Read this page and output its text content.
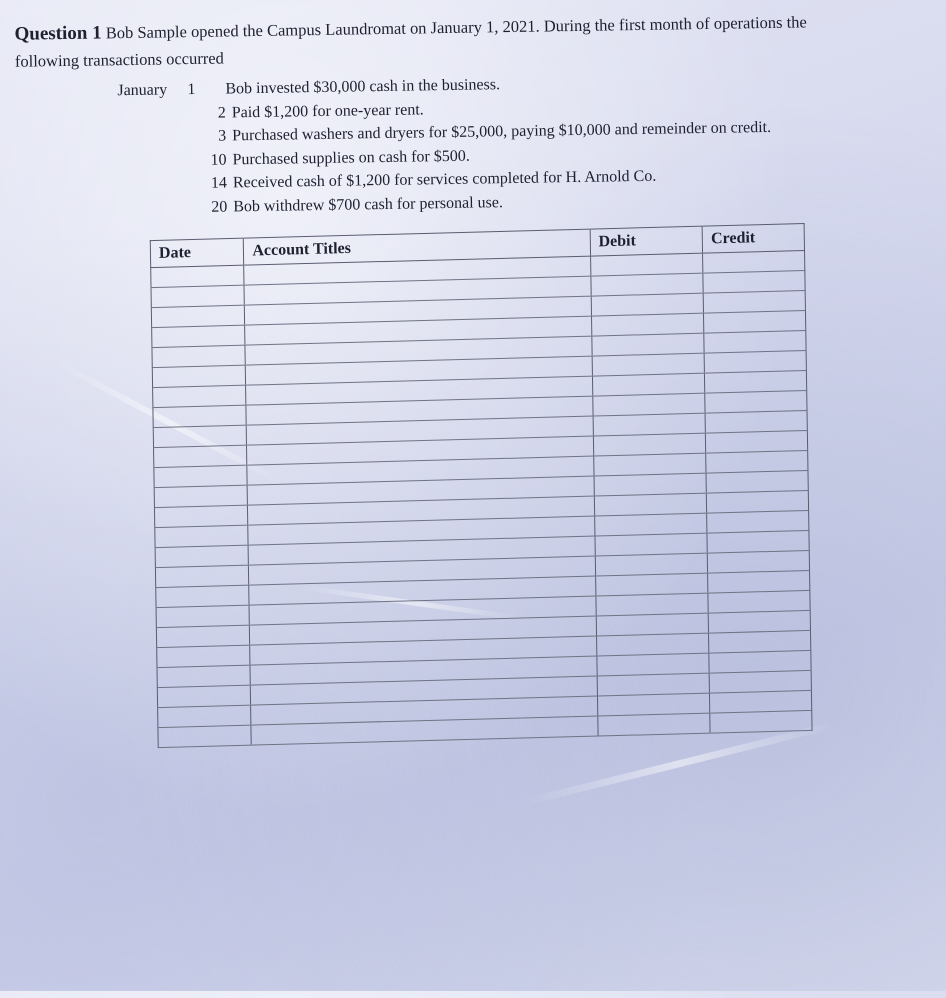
Question 1 Bob Sample opened the Campus Laundromat on January 1, 2021. During the first month of operations the following transactions occurred
January	1	Bob invested $30,000 cash in the business.
2 Paid $1,200 for one-year rent.
3 Purchased washers and dryers for $25,000, paying $10,000 and remeinder on credit.
10 Purchased supplies on cash for $500.
14 Received cash of $1,200 for services completed for H. Arnold Co.
20 Bob withdrew $700 cash for personal use.
Date	Account Titles	Debit	Credit
